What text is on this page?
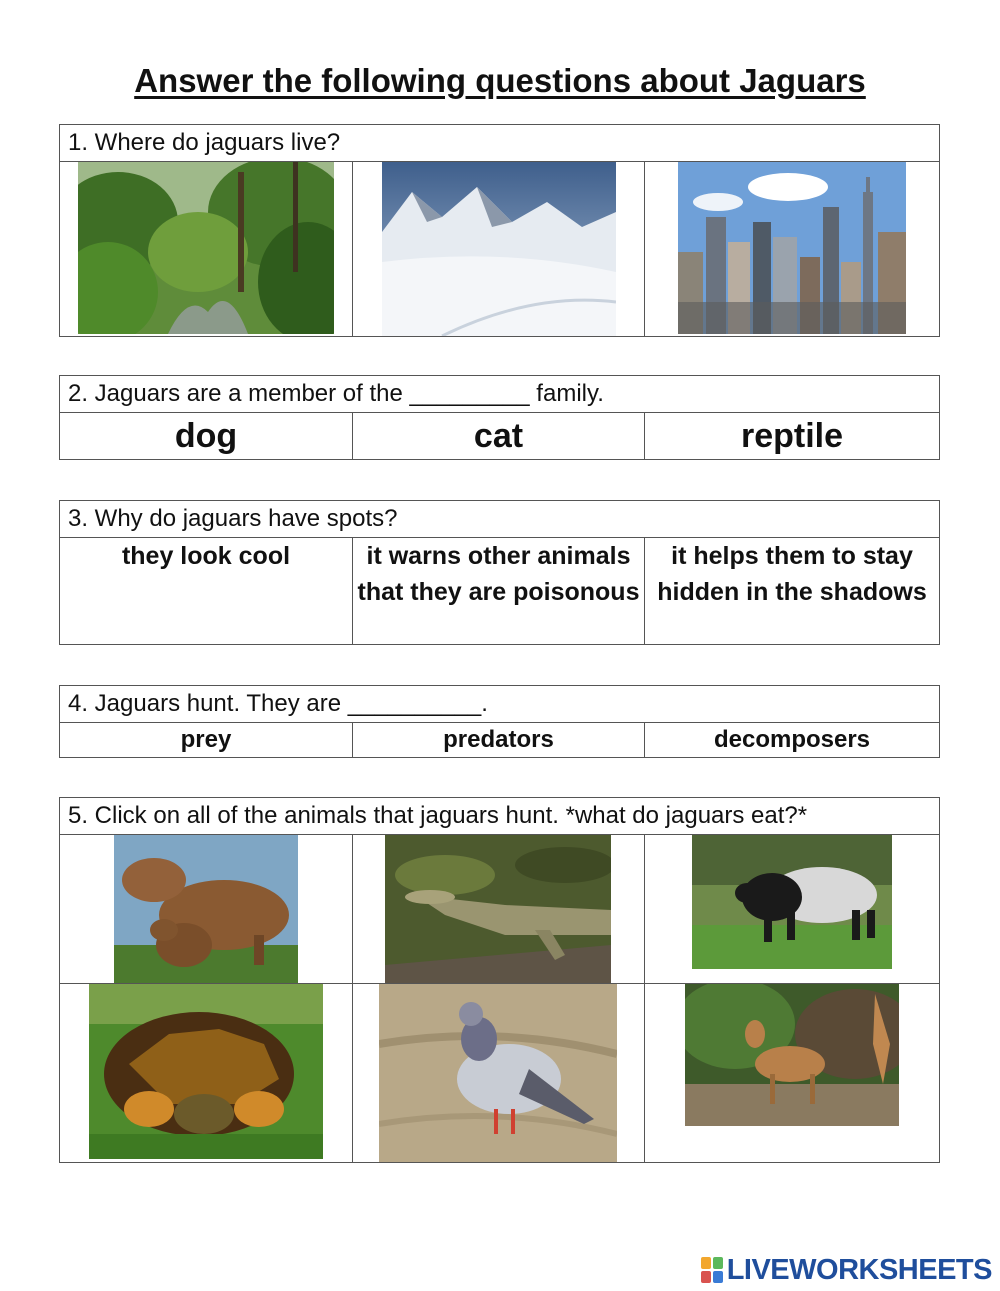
Answer the following questions about Jaguars
1. Where do jaguars live?

2. Jaguars are a member of the _________ family.
dog	cat	reptile
3. Why do jaguars have spots?
they look cool	it warns other animals that they are poisonous	it helps them to stay hidden in the shadows
4. Jaguars hunt. They are __________.
prey	predators	decomposers
5. Click on all of the animals that jaguars hunt. *what do jaguars eat?*		

LIVEWORKSHEETS
